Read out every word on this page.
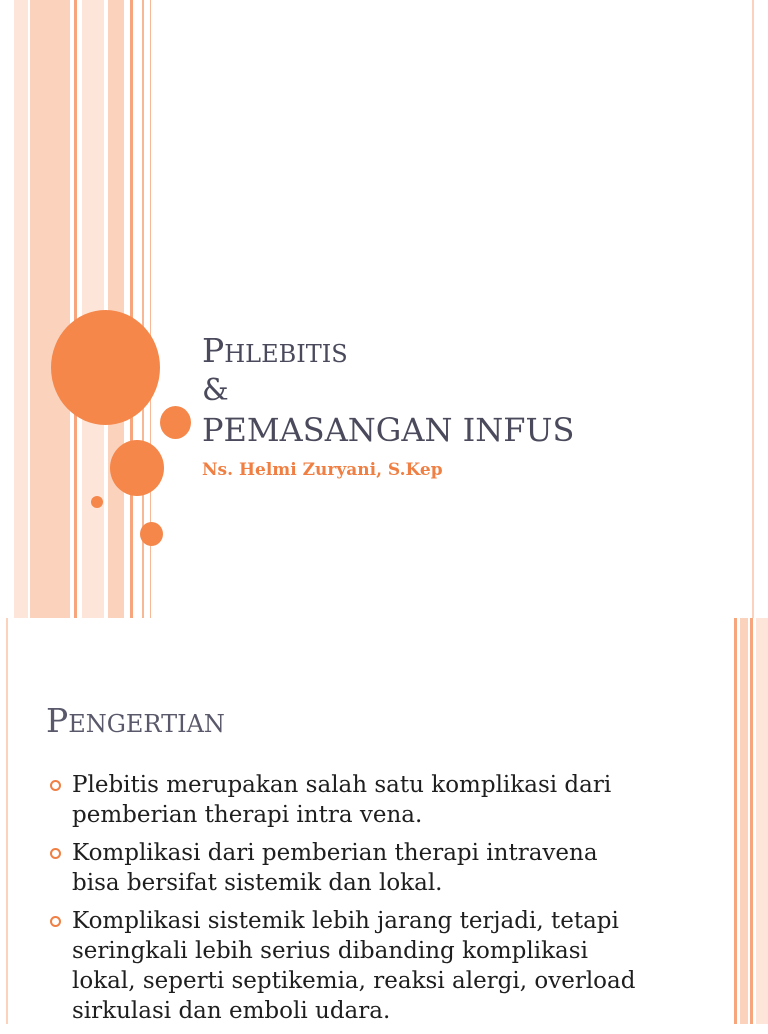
PHLEBITIS
&
PEMASANGAN INFUS
Ns. Helmi Zuryani, S.Kep
PENGERTIAN
Plebitis merupakan salah satu komplikasi dari pemberian therapi intra vena.
Komplikasi dari pemberian therapi intravena bisa bersifat sistemik dan lokal.
Komplikasi sistemik lebih jarang terjadi, tetapi seringkali lebih serius dibanding komplikasi lokal, seperti septikemia, reaksi alergi, overload sirkulasi dan emboli udara.
